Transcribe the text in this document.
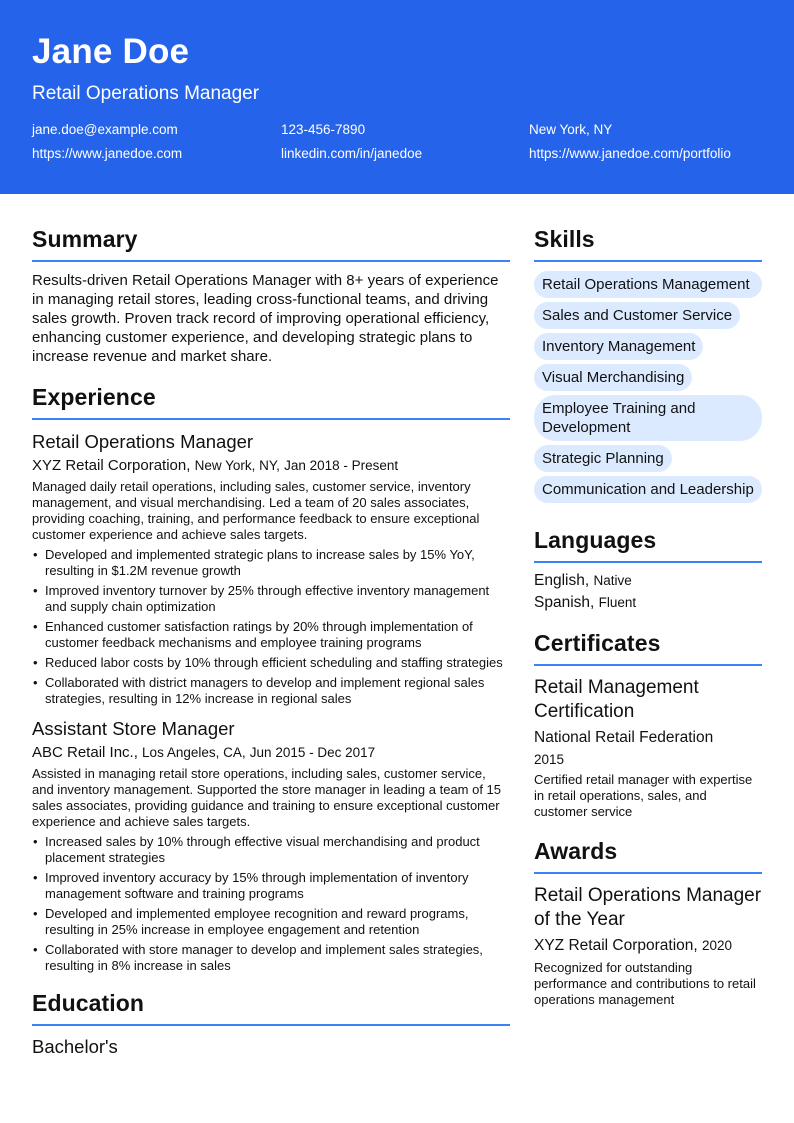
Jane Doe
Retail Operations Manager
jane.doe@example.com	123-456-7890	New York, NY
https://www.janedoe.com	linkedin.com/in/janedoe	https://www.janedoe.com/portfolio
Summary
Results-driven Retail Operations Manager with 8+ years of experience in managing retail stores, leading cross-functional teams, and driving sales growth. Proven track record of improving operational efficiency, enhancing customer experience, and developing strategic plans to increase revenue and market share.
Experience
Retail Operations Manager
XYZ Retail Corporation, New York, NY, Jan 2018 - Present
Managed daily retail operations, including sales, customer service, inventory management, and visual merchandising. Led a team of 20 sales associates, providing coaching, training, and performance feedback to ensure exceptional customer experience and achieve sales targets.
• Developed and implemented strategic plans to increase sales by 15% YoY, resulting in $1.2M revenue growth
• Improved inventory turnover by 25% through effective inventory management and supply chain optimization
• Enhanced customer satisfaction ratings by 20% through implementation of customer feedback mechanisms and employee training programs
• Reduced labor costs by 10% through efficient scheduling and staffing strategies
• Collaborated with district managers to develop and implement regional sales strategies, resulting in 12% increase in regional sales
Assistant Store Manager
ABC Retail Inc., Los Angeles, CA, Jun 2015 - Dec 2017
Assisted in managing retail store operations, including sales, customer service, and inventory management. Supported the store manager in leading a team of 15 sales associates, providing guidance and training to ensure exceptional customer experience and achieve sales targets.
• Increased sales by 10% through effective visual merchandising and product placement strategies
• Improved inventory accuracy by 15% through implementation of inventory management software and training programs
• Developed and implemented employee recognition and reward programs, resulting in 25% increase in employee engagement and retention
• Collaborated with store manager to develop and implement sales strategies, resulting in 8% increase in sales
Education
Bachelor's
Skills
Retail Operations Management
Sales and Customer Service
Inventory Management
Visual Merchandising
Employee Training and Development
Strategic Planning
Communication and Leadership
Languages
English, Native
Spanish, Fluent
Certificates
Retail Management Certification
National Retail Federation
2015
Certified retail manager with expertise in retail operations, sales, and customer service
Awards
Retail Operations Manager of the Year
XYZ Retail Corporation, 2020
Recognized for outstanding performance and contributions to retail operations management
